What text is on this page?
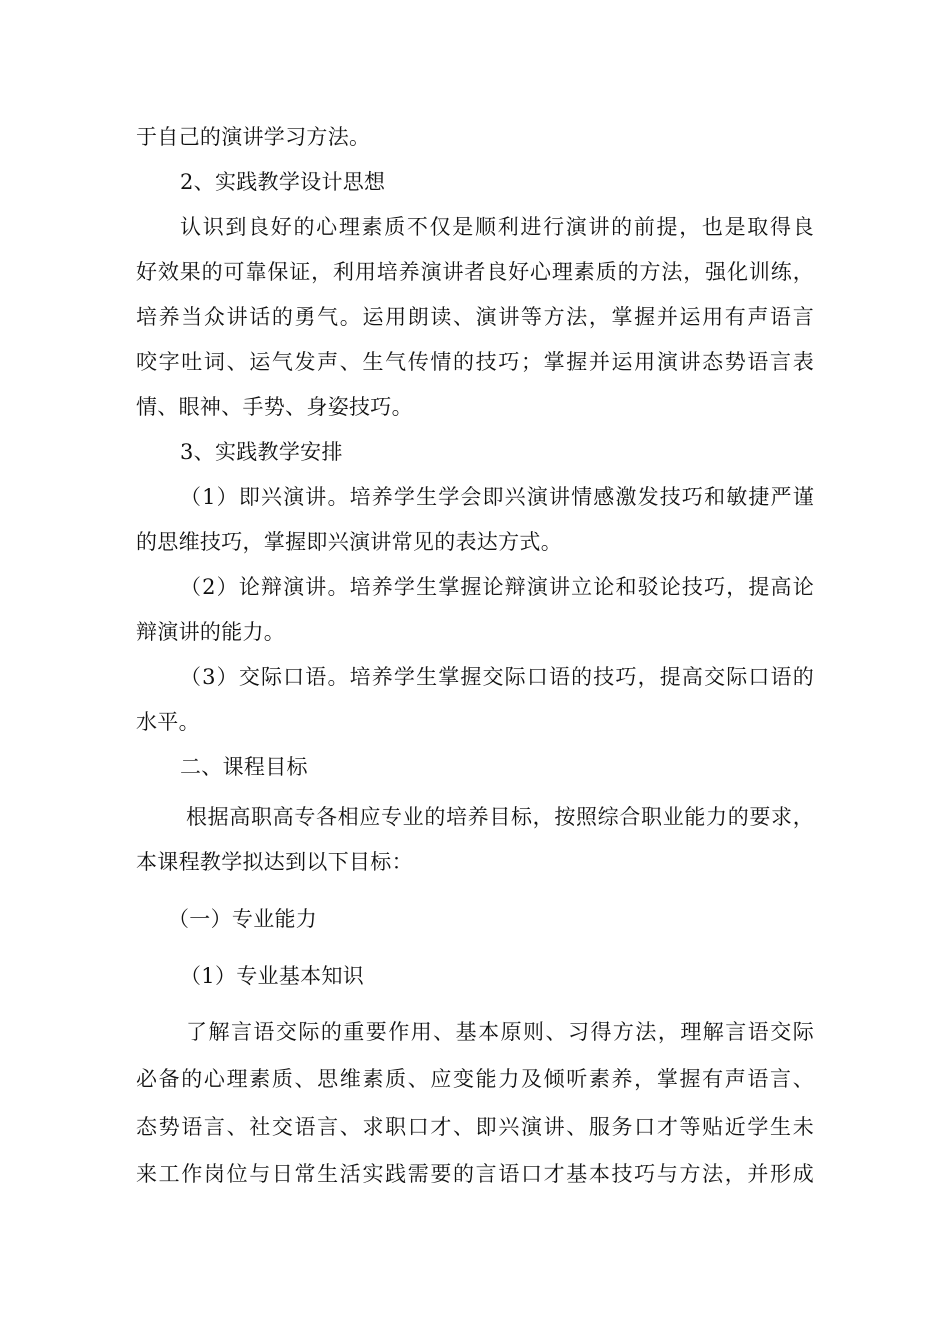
于自己的演讲学习方法。
2、实践教学设计思想
认识到良好的心理素质不仅是顺利进行演讲的前提，也是取得良
好效果的可靠保证，利用培养演讲者良好心理素质的方法，强化训练，
培养当众讲话的勇气。运用朗读、演讲等方法，掌握并运用有声语言
咬字吐词、运气发声、生气传情的技巧；掌握并运用演讲态势语言表
情、眼神、手势、身姿技巧。
3、实践教学安排
（1）即兴演讲。培养学生学会即兴演讲情感激发技巧和敏捷严谨
的思维技巧，掌握即兴演讲常见的表达方式。
（2）论辩演讲。培养学生掌握论辩演讲立论和驳论技巧，提高论
辩演讲的能力。
（3）交际口语。培养学生掌握交际口语的技巧，提高交际口语的
水平。
二、课程目标
根据高职高专各相应专业的培养目标，按照综合职业能力的要求，
本课程教学拟达到以下目标：
（一）专业能力
（1）专业基本知识
了解言语交际的重要作用、基本原则、习得方法，理解言语交际
必备的心理素质、思维素质、应变能力及倾听素养，掌握有声语言、
态势语言、社交语言、求职口才、即兴演讲、服务口才等贴近学生未
来工作岗位与日常生活实践需要的言语口才基本技巧与方法，并形成
